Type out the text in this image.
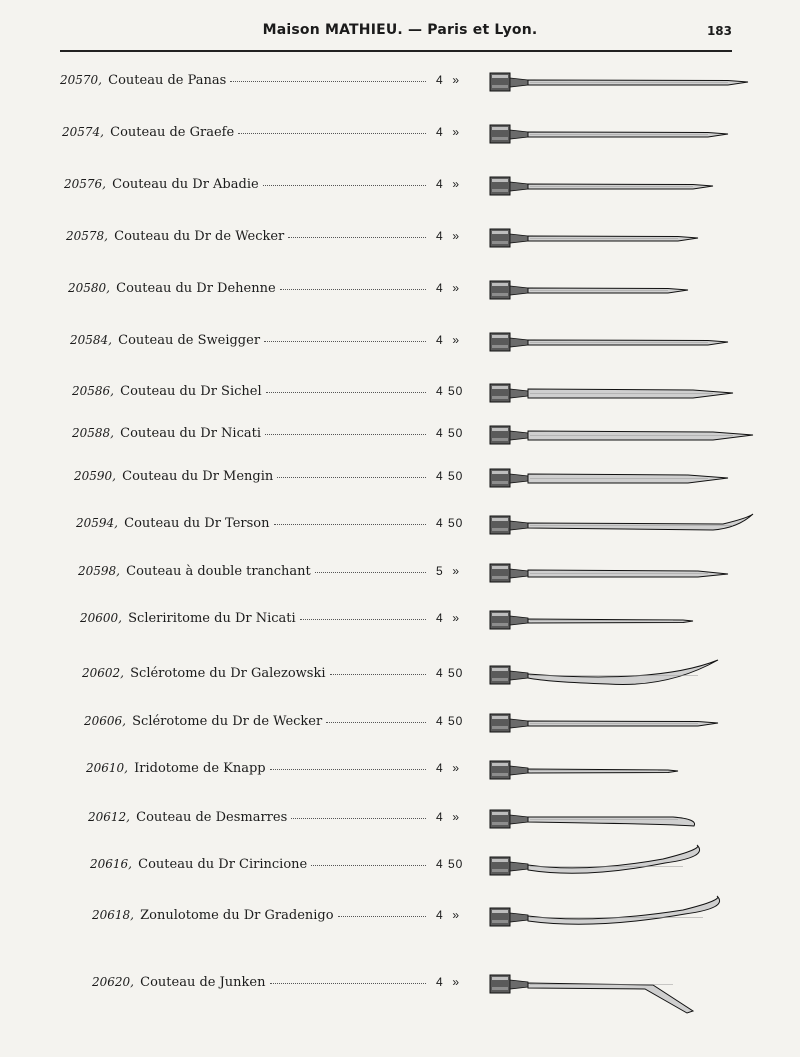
Maison MATHIEU. — Paris et Lyon.	183
20570, Couteau de Panas	4  »
20574, Couteau de Graefe	4  »
20576, Couteau du Dr Abadie	4  »
20578, Couteau du Dr de Wecker	4  »
20580, Couteau du Dr Dehenne	4  »
20584, Couteau de Sweigger	4  »
20586, Couteau du Dr Sichel	4 50
20588, Couteau du Dr Nicati	4 50
20590, Couteau du Dr Mengin	4 50
20594, Couteau du Dr Terson	4 50
20598, Couteau à double tranchant	5  »
20600, Scleriritome du Dr Nicati	4  »
20602, Sclérotome du Dr Galezowski	4 50
20606, Sclérotome du Dr de Wecker	4 50
20610, Iridotome de Knapp	4  »
20612, Couteau de Desmarres	4  »
20616, Couteau du Dr Cirincione	4 50
20618, Zonulotome du Dr Gradenigo	4  »
20620, Couteau de Junken	4  »
